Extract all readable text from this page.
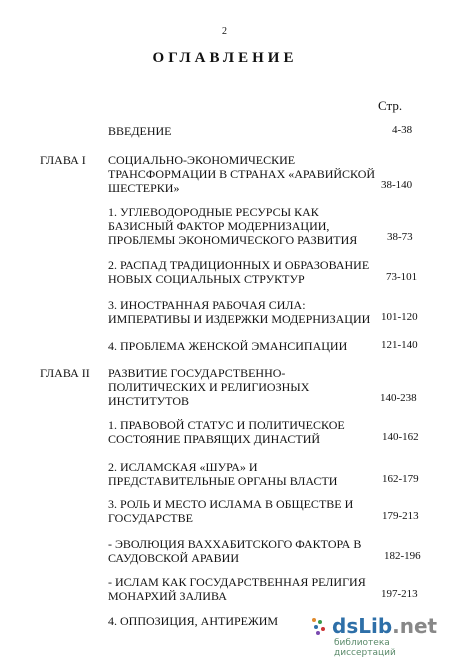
2
ОГЛАВЛЕНИЕ
Стр.
ВВЕДЕНИЕ	4-38
ГЛАВА I СОЦИАЛЬНО-ЭКОНОМИЧЕСКИЕ
ТРАНСФОРМАЦИИ В СТРАНАХ «АРАВИЙСКОЙ
ШЕСТЕРКИ»	38-140
1. УГЛЕВОДОРОДНЫЕ РЕСУРСЫ КАК
БАЗИСНЫЙ ФАКТОР МОДЕРНИЗАЦИИ,
ПРОБЛЕМЫ ЭКОНОМИЧЕСКОГО РАЗВИТИЯ	38-73
2. РАСПАД ТРАДИЦИОННЫХ И ОБРАЗОВАНИЕ
НОВЫХ СОЦИАЛЬНЫХ СТРУКТУР	73-101
3. ИНОСТРАННАЯ РАБОЧАЯ СИЛА:
ИМПЕРАТИВЫ И ИЗДЕРЖКИ МОДЕРНИЗАЦИИ 101-120
4. ПРОБЛЕМА ЖЕНСКОЙ ЭМАНСИПАЦИИ	121-140
ГЛАВА II РАЗВИТИЕ ГОСУДАРСТВЕННО-
ПОЛИТИЧЕСКИХ И РЕЛИГИОЗНЫХ
ИНСТИТУТОВ	140-238
1. ПРАВОВОЙ СТАТУС И ПОЛИТИЧЕСКОЕ
СОСТОЯНИЕ ПРАВЯЩИХ ДИНАСТИЙ	140-162
2. ИСЛАМСКАЯ «ШУРА» И
ПРЕДСТАВИТЕЛЬНЫЕ ОРГАНЫ ВЛАСТИ	162-179
3. РОЛЬ И МЕСТО ИСЛАМА В ОБЩЕСТВЕ И
ГОСУДАРСТВЕ	179-213
- ЭВОЛЮЦИЯ ВАХХАБИТСКОГО ФАКТОРА В
САУДОВСКОЙ АРАВИИ	182-196
- ИСЛАМ КАК ГОСУДАРСТВЕННАЯ РЕЛИГИЯ
МОНАРХИЙ ЗАЛИВА	197-213
4. ОППОЗИЦИЯ, АНТИРЕЖИМ	dsLib.net
библиотека диссертаций
